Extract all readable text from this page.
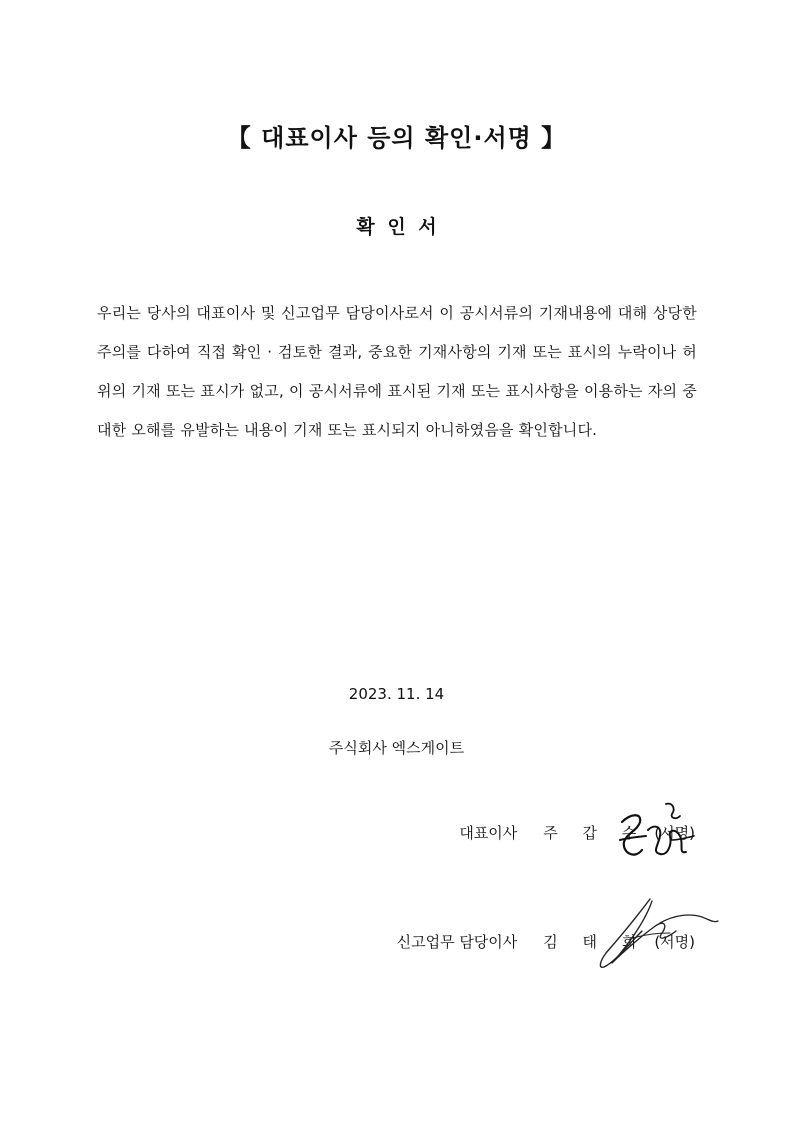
【 대표이사 등의 확인·서명 】
확 인 서

우리는 당사의 대표이사 및 신고업무 담당이사로서 이 공시서류의 기재내용에 대해 상당한 주의를 다하여 직접 확인 · 검토한 결과, 중요한 기재사항의 기재 또는 표시의 누락이나 허위의 기재 또는 표시가 없고, 이 공시서류에 표시된 기재 또는 표시사항을 이용하는 자의 중대한 오해를 유발하는 내용이 기재 또는 표시되지 아니하였음을 확인합니다.

2023. 11. 14
주식회사 엑스게이트
대표이사 주 갑 수 (서명)
신고업무 담당이사 김 태 희 (서명)
